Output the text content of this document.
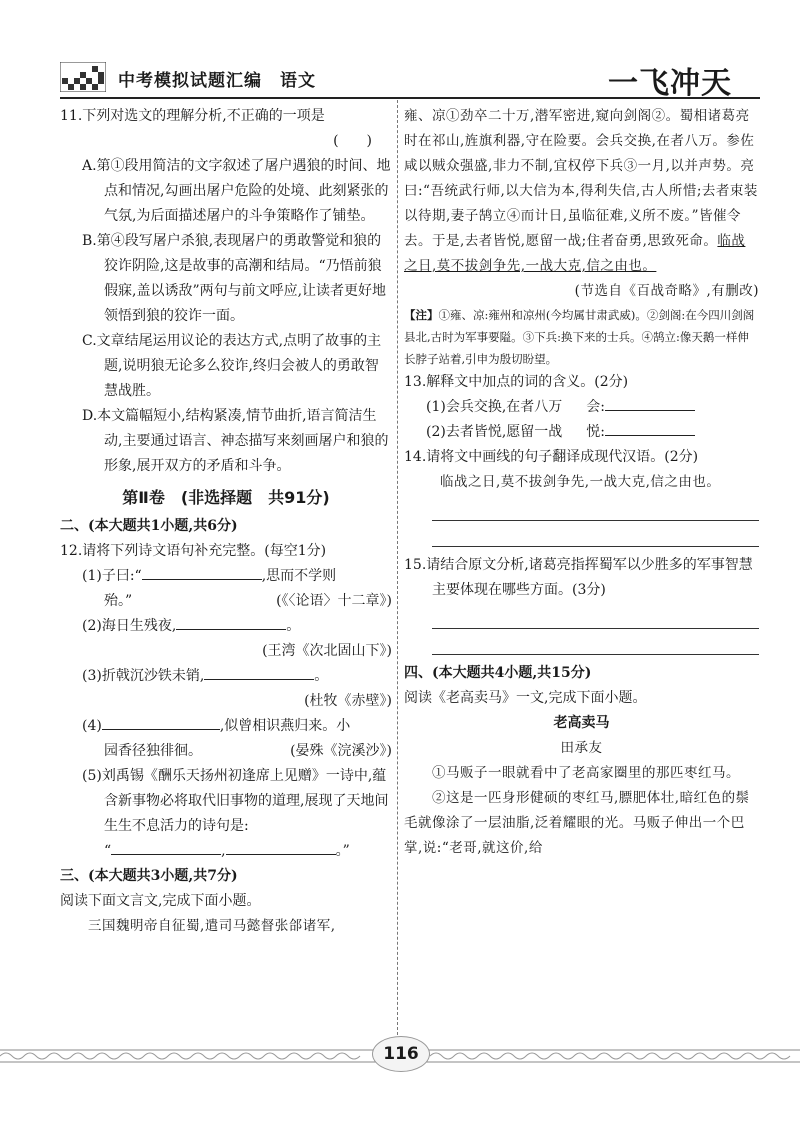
中考模拟试题汇编　语文	一飞冲天

11.下列对选文的理解分析,不正确的一项是

(　　)

A.第①段用简洁的文字叙述了屠户遇狼的时间、地点和情况,勾画出屠户危险的处境、此刻紧张的气氛,为后面描述屠户的斗争策略作了铺垫。

B.第④段写屠户杀狼,表现屠户的勇敢警觉和狼的狡诈阴险,这是故事的高潮和结局。“乃悟前狼假寐,盖以诱敌”两句与前文呼应,让读者更好地领悟到狼的狡诈一面。

C.文章结尾运用议论的表达方式,点明了故事的主题,说明狼无论多么狡诈,终归会被人的勇敢智慧战胜。

D.本文篇幅短小,结构紧凑,情节曲折,语言简洁生动,主要通过语言、神态描写来刻画屠户和狼的形象,展开双方的矛盾和斗争。

第Ⅱ卷　(非选择题　共91分)

二、(本大题共1小题,共6分)

12.请将下列诗文语句补充完整。(每空1分)

(1)子曰:“	,思而不学则

殆。”	(《〈论语〉十二章》)

(2)海日生残夜,	。

(王湾《次北固山下》)

(3)折戟沉沙铁未销,	。

(杜牧《赤壁》)

(4)	,似曾相识燕归来。小

园香径独徘徊。	(晏殊《浣溪沙》)

(5)刘禹锡《酬乐天扬州初逢席上见赠》一诗中,蕴含新事物必将取代旧事物的道理,展现了天地间生生不息活力的诗句是:

“	,	。”

三、(本大题共3小题,共7分)

阅读下面文言文,完成下面小题。

三国魏明帝自征蜀,遣司马懿督张郃诸军,

雍、凉①劲卒二十万,潜军密进,窥向剑阁②。蜀相诸葛亮时在祁山,旌旗利器,守在险要。会兵交换,在者八万。参佐咸以贼众强盛,非力不制,宜权停下兵③一月,以并声势。亮曰:“吾统武行师,以大信为本,得利失信,古人所惜;去者束装以待期,妻子鹄立④而计日,虽临征难,义所不废。”皆催令去。于是,去者皆悦,愿留一战;住者奋勇,思致死命。临战之日,莫不拔剑争先,一战大克,信之由也。

(节选自《百战奇略》,有删改)

【注】①雍、凉:雍州和凉州(今均属甘肃武威)。②剑阁:在今四川剑阁县北,古时为军事要隘。③下兵:换下来的士兵。④鹄立:像天鹅一样伸长脖子站着,引申为殷切盼望。

13.解释文中加点的词的含义。(2分)

(1)会兵交换,在者八万 会:

(2)去者皆悦,愿留一战 悦:

14.请将文中画线的句子翻译成现代汉语。(2分)

临战之日,莫不拔剑争先,一战大克,信之由也。

15.请结合原文分析,诸葛亮指挥蜀军以少胜多的军事智慧主要体现在哪些方面。(3分)

四、(本大题共4小题,共15分)

阅读《老高卖马》一文,完成下面小题。

老高卖马

田承友

①马贩子一眼就看中了老高家圈里的那匹枣红马。

②这是一匹身形健硕的枣红马,膘肥体壮,暗红色的鬃毛就像涂了一层油脂,泛着耀眼的光。马贩子伸出一个巴掌,说:“老哥,就这价,给

116
